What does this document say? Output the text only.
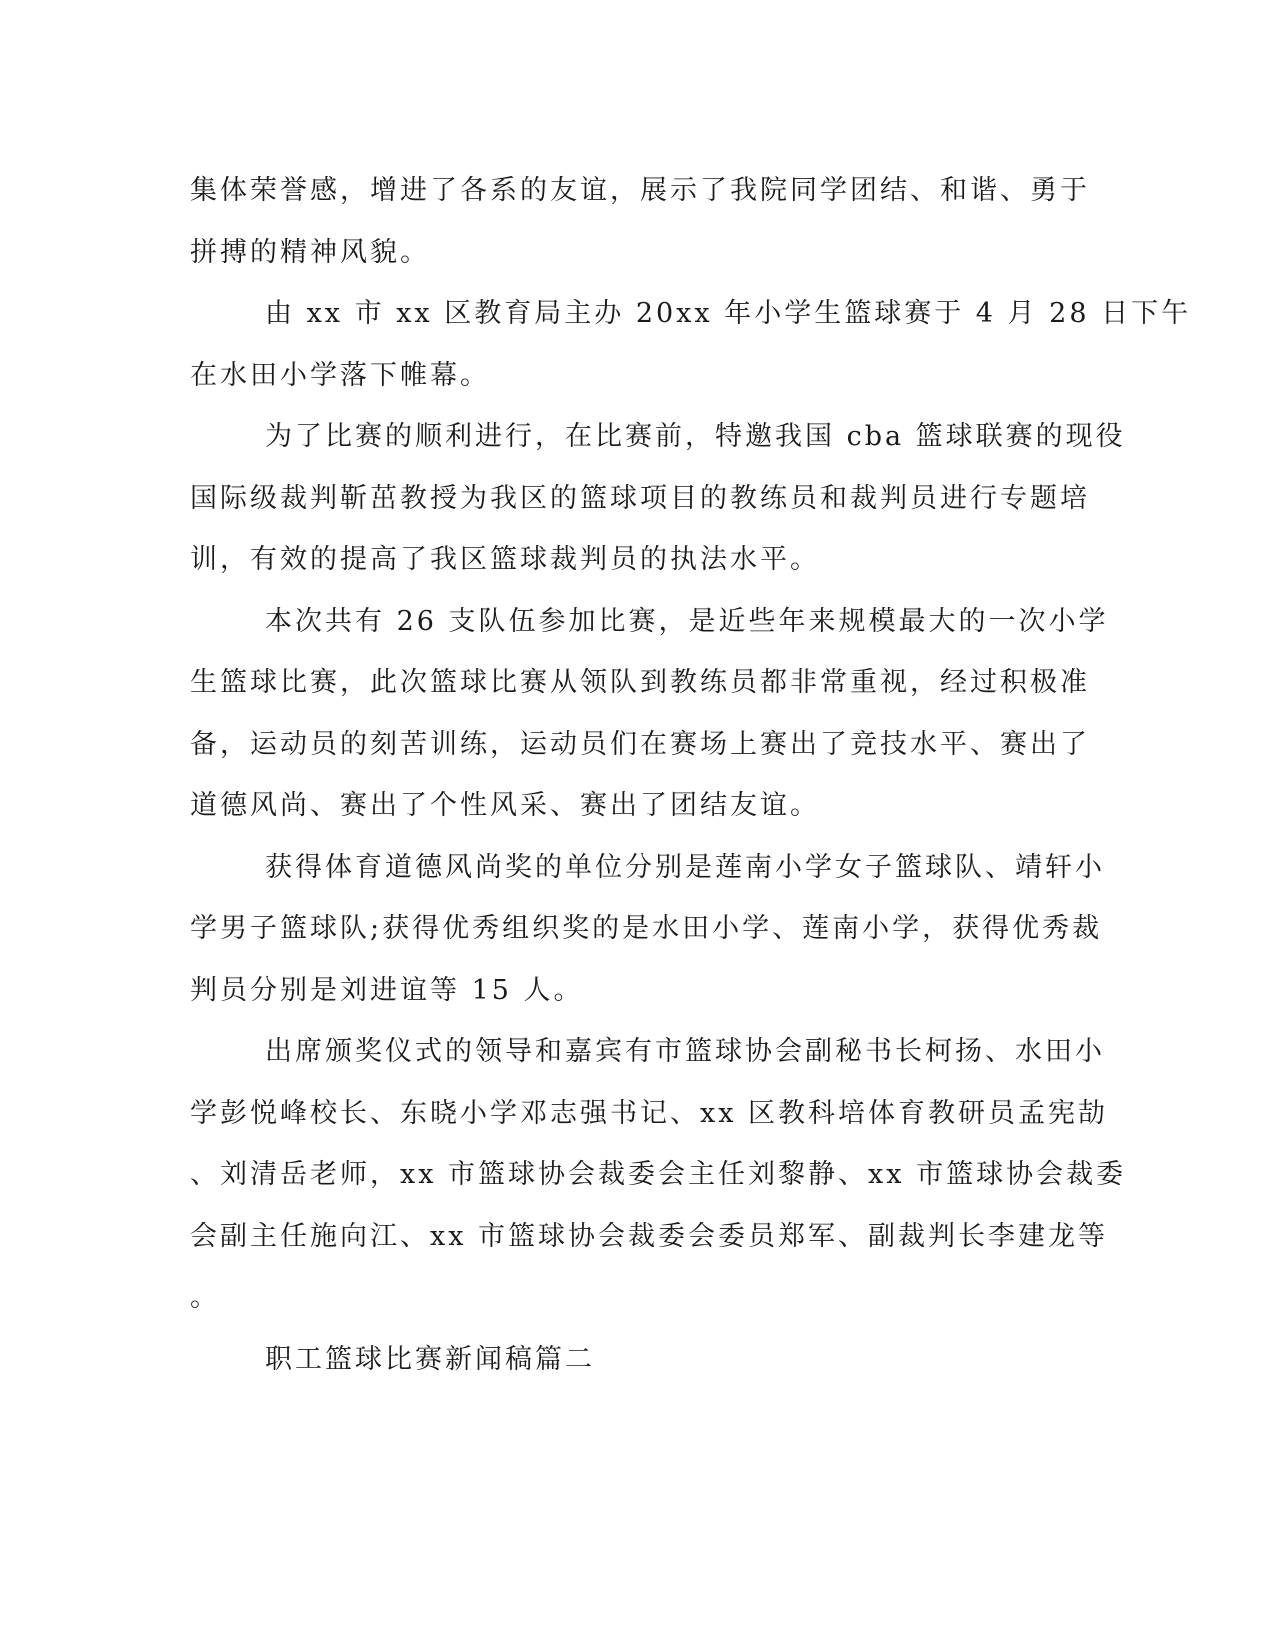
集体荣誉感，增进了各系的友谊，展示了我院同学团结、和谐、勇于
拼搏的精神风貌。

由 xx 市 xx 区教育局主办 20xx 年小学生篮球赛于 4 月 28 日下午
在水田小学落下帷幕。

为了比赛的顺利进行，在比赛前，特邀我国 cba 篮球联赛的现役
国际级裁判靳茁教授为我区的篮球项目的教练员和裁判员进行专题培
训，有效的提高了我区篮球裁判员的执法水平。

本次共有 26 支队伍参加比赛，是近些年来规模最大的一次小学
生篮球比赛，此次篮球比赛从领队到教练员都非常重视，经过积极准
备，运动员的刻苦训练，运动员们在赛场上赛出了竞技水平、赛出了
道德风尚、赛出了个性风采、赛出了团结友谊。

获得体育道德风尚奖的单位分别是莲南小学女子篮球队、靖轩小
学男子篮球队;获得优秀组织奖的是水田小学、莲南小学，获得优秀裁
判员分别是刘进谊等 15 人。

出席颁奖仪式的领导和嘉宾有市篮球协会副秘书长柯扬、水田小
学彭悦峰校长、东晓小学邓志强书记、xx 区教科培体育教研员孟宪劼
、刘清岳老师，xx 市篮球协会裁委会主任刘黎静、xx 市篮球协会裁委
会副主任施向江、xx 市篮球协会裁委会委员郑军、副裁判长李建龙等
。

职工篮球比赛新闻稿篇二
